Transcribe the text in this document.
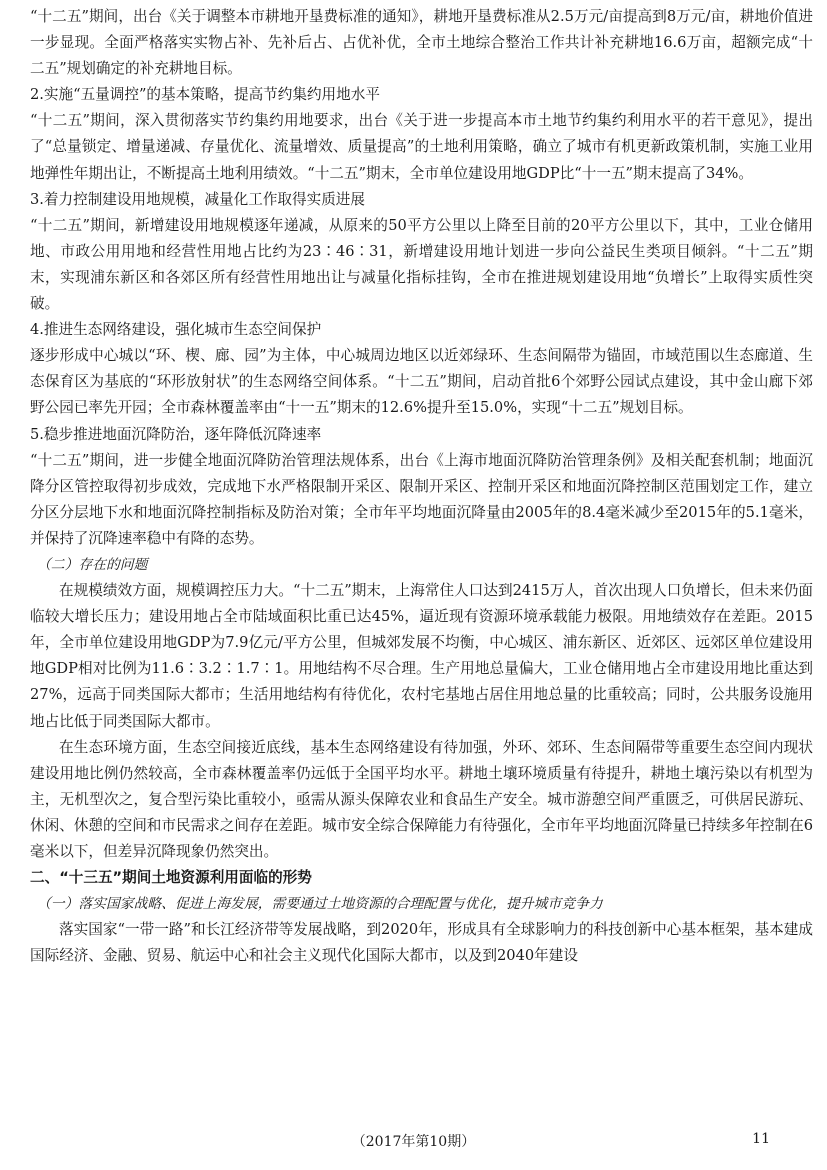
“十二五”期间，出台《关于调整本市耕地开垦费标准的通知》，耕地开垦费标准从2.5万元/亩提高到8万元/亩，耕地价值进一步显现。全面严格落实实物占补、先补后占、占优补优，全市土地综合整治工作共计补充耕地16.6万亩，超额完成“十二五”规划确定的补充耕地目标。

2.实施“五量调控”的基本策略，提高节约集约用地水平

“十二五”期间，深入贯彻落实节约集约用地要求，出台《关于进一步提高本市土地节约集约利用水平的若干意见》，提出了“总量锁定、增量递减、存量优化、流量增效、质量提高”的土地利用策略，确立了城市有机更新政策机制，实施工业用地弹性年期出让，不断提高土地利用绩效。“十二五”期末，全市单位建设用地GDP比“十一五”期末提高了34%。

3.着力控制建设用地规模，减量化工作取得实质进展

“十二五”期间，新增建设用地规模逐年递减，从原来的50平方公里以上降至目前的20平方公里以下，其中，工业仓储用地、市政公用用地和经营性用地占比约为23∶46∶31，新增建设用地计划进一步向公益民生类项目倾斜。“十二五”期末，实现浦东新区和各郊区所有经营性用地出让与减量化指标挂钩，全市在推进规划建设用地“负增长”上取得实质性突破。

4.推进生态网络建设，强化城市生态空间保护

逐步形成中心城以“环、楔、廊、园”为主体，中心城周边地区以近郊绿环、生态间隔带为锚固，市域范围以生态廊道、生态保育区为基底的“环形放射状”的生态网络空间体系。“十二五”期间，启动首批6个郊野公园试点建设，其中金山廊下郊野公园已率先开园；全市森林覆盖率由“十一五”期末的12.6%提升至15.0%，实现“十二五”规划目标。

5.稳步推进地面沉降防治，逐年降低沉降速率

“十二五”期间，进一步健全地面沉降防治管理法规体系，出台《上海市地面沉降防治管理条例》及相关配套机制；地面沉降分区管控取得初步成效，完成地下水严格限制开采区、限制开采区、控制开采区和地面沉降控制区范围划定工作，建立分区分层地下水和地面沉降控制指标及防治对策；全市年平均地面沉降量由2005年的8.4毫米减少至2015年的5.1毫米，并保持了沉降速率稳中有降的态势。

（二）存在的问题

在规模绩效方面，规模调控压力大。“十二五”期末，上海常住人口达到2415万人，首次出现人口负增长，但未来仍面临较大增长压力；建设用地占全市陆域面积比重已达45%，逼近现有资源环境承载能力极限。用地绩效存在差距。2015年，全市单位建设用地GDP为7.9亿元/平方公里，但城郊发展不均衡，中心城区、浦东新区、近郊区、远郊区单位建设用地GDP相对比例为11.6∶3.2∶1.7∶1。用地结构不尽合理。生产用地总量偏大，工业仓储用地占全市建设用地比重达到27%，远高于同类国际大都市；生活用地结构有待优化，农村宅基地占居住用地总量的比重较高；同时，公共服务设施用地占比低于同类国际大都市。

在生态环境方面，生态空间接近底线，基本生态网络建设有待加强，外环、郊环、生态间隔带等重要生态空间内现状建设用地比例仍然较高，全市森林覆盖率仍远低于全国平均水平。耕地土壤环境质量有待提升，耕地土壤污染以有机型为主，无机型次之，复合型污染比重较小，亟需从源头保障农业和食品生产安全。城市游憩空间严重匮乏，可供居民游玩、休闲、休憩的空间和市民需求之间存在差距。城市安全综合保障能力有待强化，全市年平均地面沉降量已持续多年控制在6毫米以下，但差异沉降现象仍然突出。

二、“十三五”期间土地资源利用面临的形势

（一）落实国家战略、促进上海发展，需要通过土地资源的合理配置与优化，提升城市竞争力

落实国家“一带一路”和长江经济带等发展战略，到2020年，形成具有全球影响力的科技创新中心基本框架，基本建成国际经济、金融、贸易、航运中心和社会主义现代化国际大都市，以及到2040年建设

（2017年第10期）	11
